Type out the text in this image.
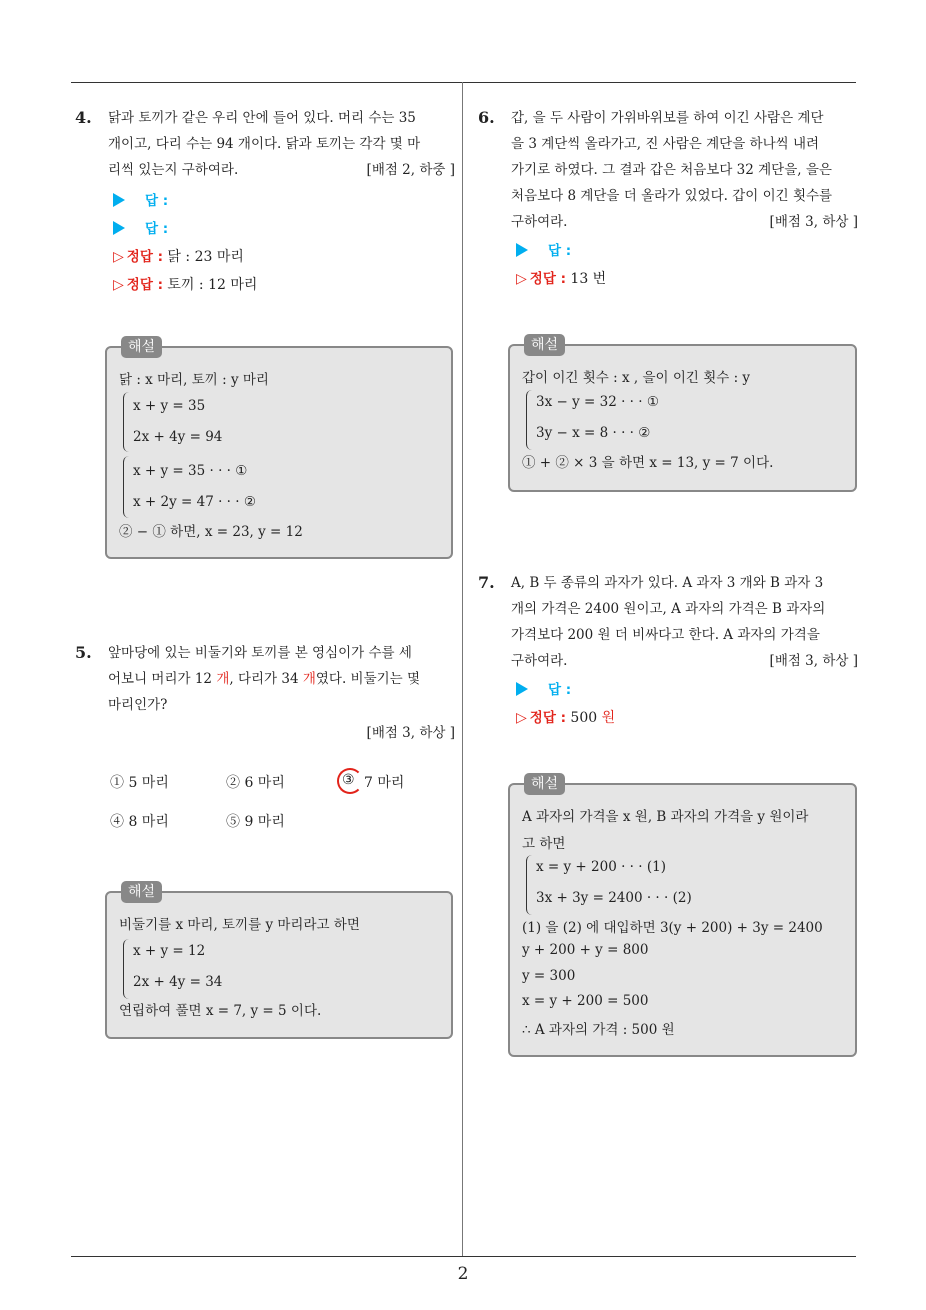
2
4. 닭과 토끼가 같은 우리 안에 들어 있다. 머리 수는 35
개이고, 다리 수는 94 개이다. 닭과 토끼는 각각 몇 마
리씩 있는지 구하여라.	[배점 2, 하중 ]
답 :
답 :
▷ 정답 : 닭 : 23 마리
▷ 정답 : 토끼 : 12 마리
해설
닭 : x 마리, 토끼 : y 마리
x + y = 35
2x + 4y = 94
x + y = 35 · · · ①
x + 2y = 47 · · · ②
② − ① 하면, x = 23, y = 12
5. 앞마당에 있는 비둘기와 토끼를 본 영심이가 수를 세
어보니 머리가 12 개, 다리가 34 개였다. 비둘기는 몇
마리인가?
[배점 3, 하상 ]
① 5 마리	② 6 마리	③ 7 마리
④ 8 마리	⑤ 9 마리
해설
비둘기를 x 마리, 토끼를 y 마리라고 하면
x + y = 12
2x + 4y = 34
연립하여 풀면 x = 7, y = 5 이다.
6. 갑, 을 두 사람이 가위바위보를 하여 이긴 사람은 계단
을 3 계단씩 올라가고, 진 사람은 계단을 하나씩 내려
가기로 하였다. 그 결과 갑은 처음보다 32 계단을, 을은
처음보다 8 계단을 더 올라가 있었다. 갑이 이긴 횟수를
구하여라.	[배점 3, 하상 ]
답 :
▷ 정답 : 13 번
해설
갑이 이긴 횟수 : x , 을이 이긴 횟수 : y
3x − y = 32 · · · ①
3y − x = 8 · · · ②
① + ② × 3 을 하면 x = 13, y = 7 이다.
7. A, B 두 종류의 과자가 있다. A 과자 3 개와 B 과자 3
개의 가격은 2400 원이고, A 과자의 가격은 B 과자의
가격보다 200 원 더 비싸다고 한다. A 과자의 가격을
구하여라.	[배점 3, 하상 ]
답 :
▷ 정답 : 500 원
해설
A 과자의 가격을 x 원, B 과자의 가격을 y 원이라
고 하면
x = y + 200 · · · (1)
3x + 3y = 2400 · · · (2)
(1) 을 (2) 에 대입하면 3(y + 200) + 3y = 2400
y + 200 + y = 800
y = 300
x = y + 200 = 500
∴ A 과자의 가격 : 500 원
